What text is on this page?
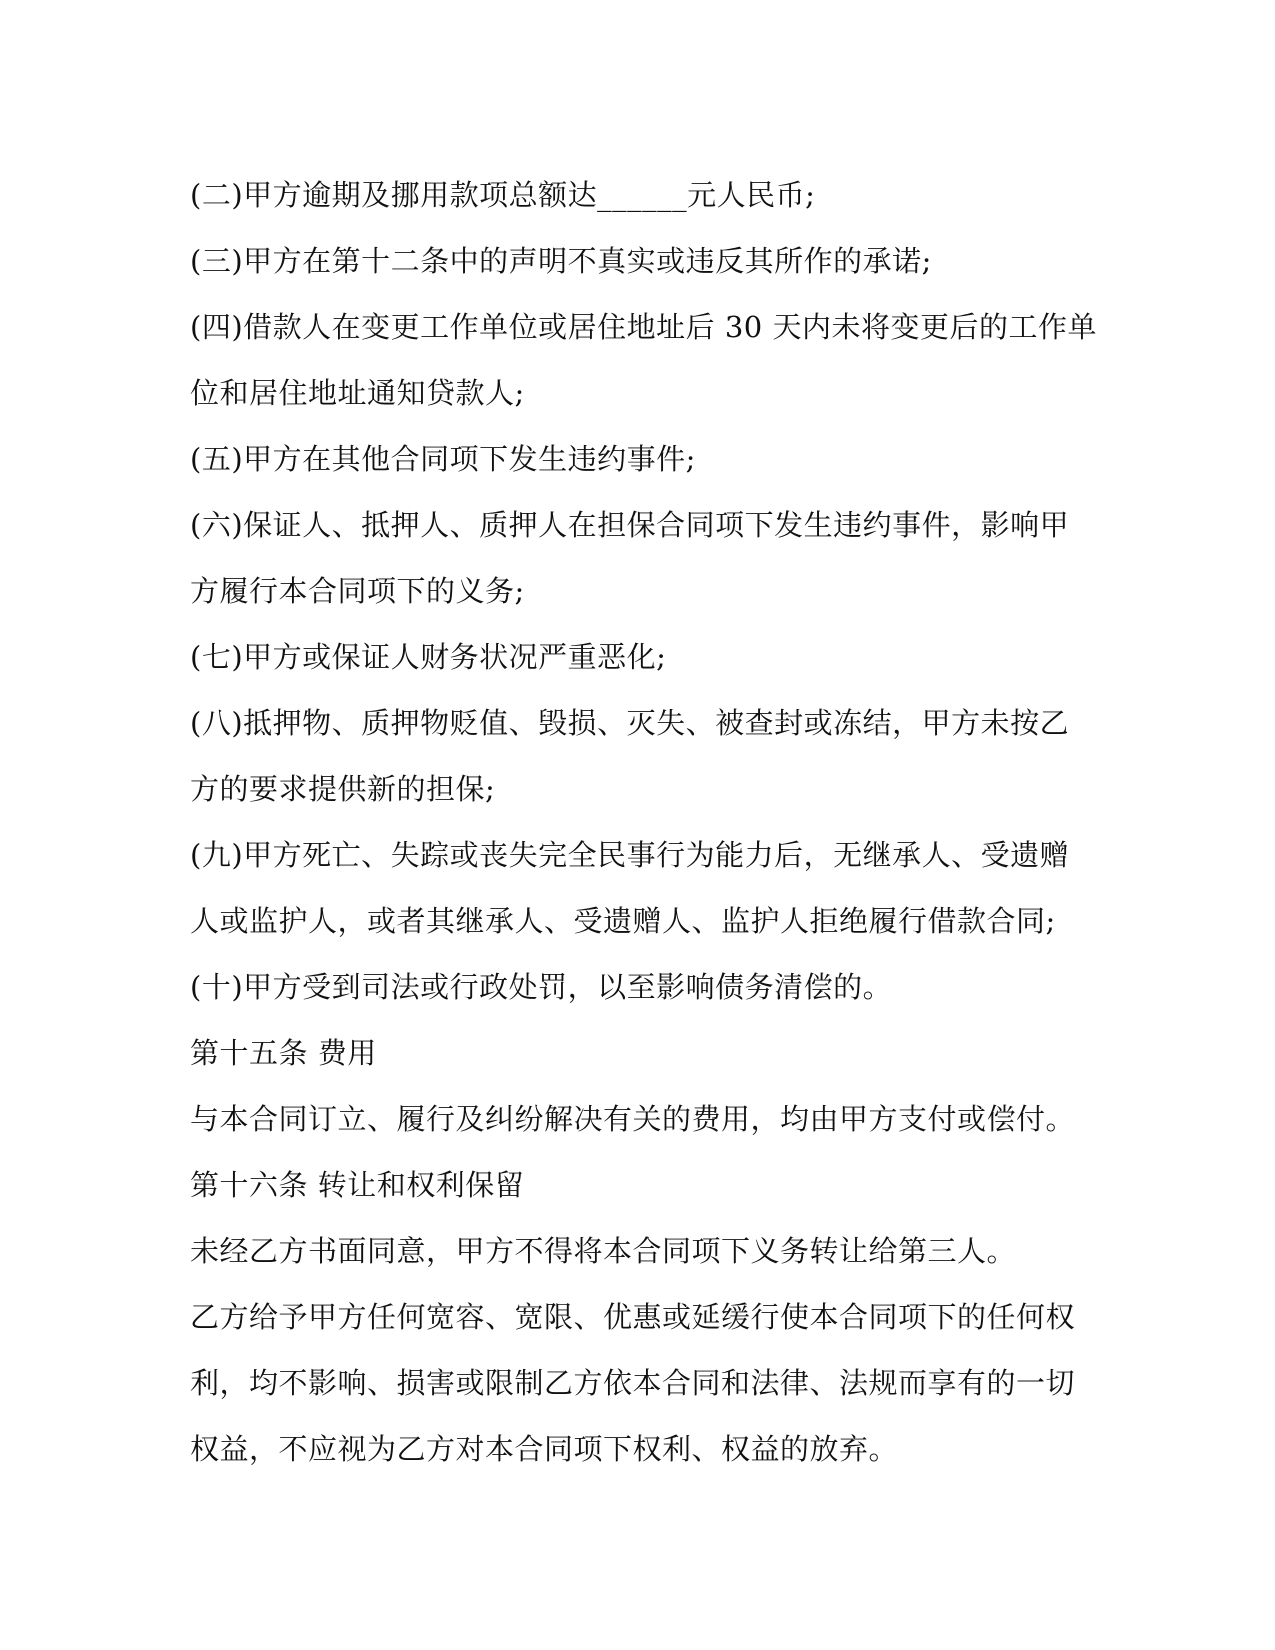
(二)甲方逾期及挪用款项总额达______元人民币;
(三)甲方在第十二条中的声明不真实或违反其所作的承诺;
(四)借款人在变更工作单位或居住地址后 30 天内未将变更后的工作单
位和居住地址通知贷款人;
(五)甲方在其他合同项下发生违约事件;
(六)保证人、抵押人、质押人在担保合同项下发生违约事件，影响甲
方履行本合同项下的义务;
(七)甲方或保证人财务状况严重恶化;
(八)抵押物、质押物贬值、毁损、灭失、被查封或冻结，甲方未按乙
方的要求提供新的担保;
(九)甲方死亡、失踪或丧失完全民事行为能力后，无继承人、受遗赠
人或监护人，或者其继承人、受遗赠人、监护人拒绝履行借款合同;
(十)甲方受到司法或行政处罚，以至影响债务清偿的。
第十五条 费用
与本合同订立、履行及纠纷解决有关的费用，均由甲方支付或偿付。
第十六条 转让和权利保留
未经乙方书面同意，甲方不得将本合同项下义务转让给第三人。
乙方给予甲方任何宽容、宽限、优惠或延缓行使本合同项下的任何权
利，均不影响、损害或限制乙方依本合同和法律、法规而享有的一切
权益，不应视为乙方对本合同项下权利、权益的放弃。
